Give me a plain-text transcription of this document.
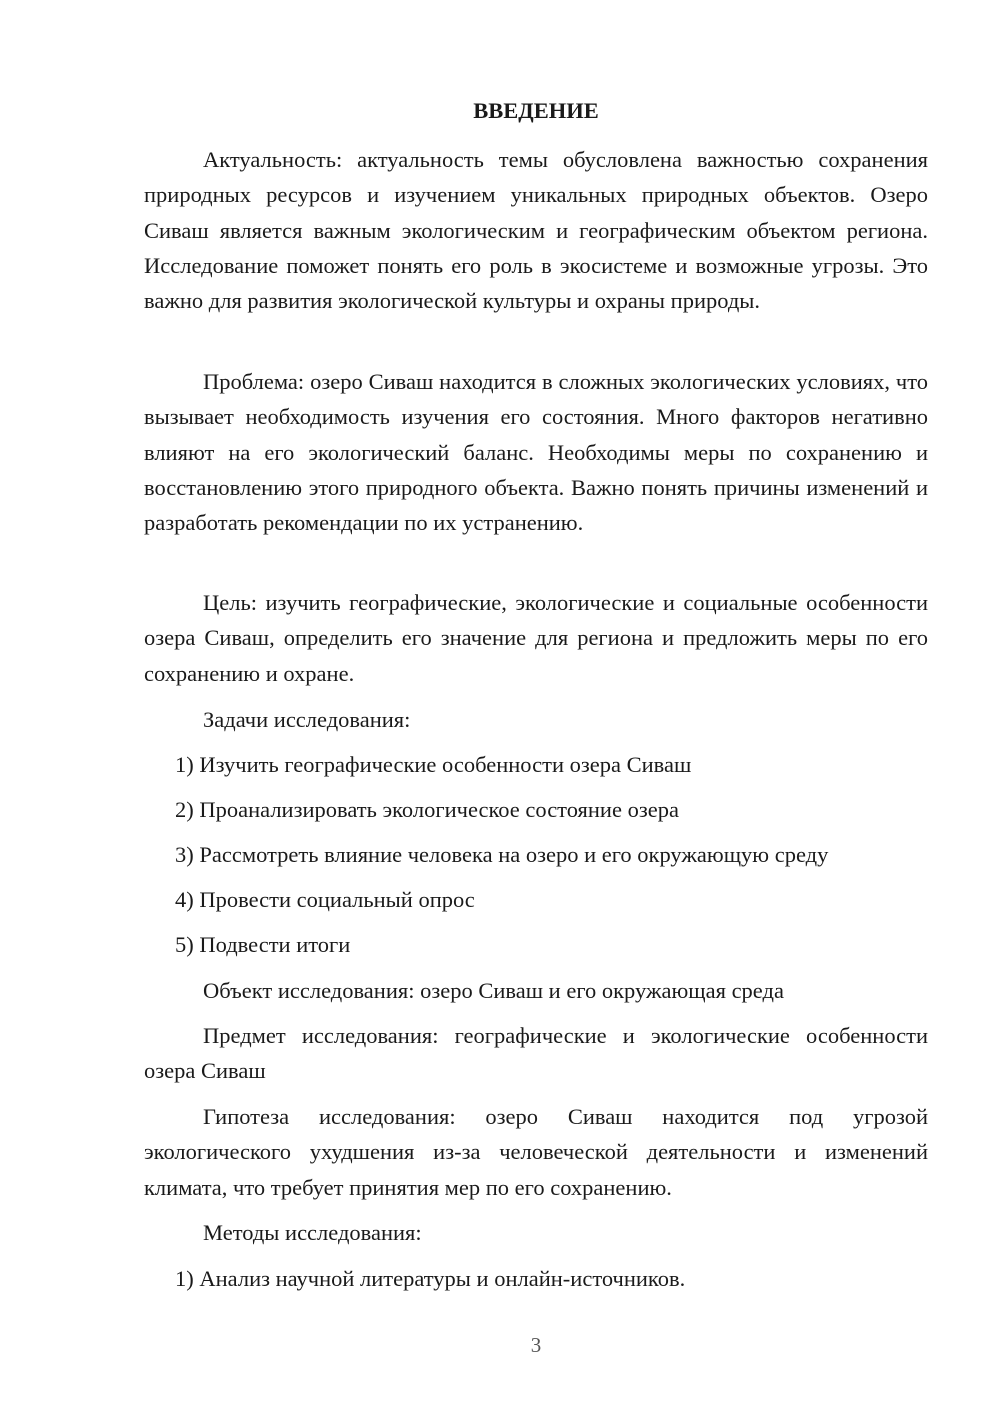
ВВЕДЕНИЕ

Актуальность: актуальность темы обусловлена важностью сохранения природных ресурсов и изучением уникальных природных объектов. Озеро Сиваш является важным экологическим и географическим объектом региона. Исследование поможет понять его роль в экосистеме и возможные угрозы. Это важно для развития экологической культуры и охраны природы.

Проблема: озеро Сиваш находится в сложных экологических условиях, что вызывает необходимость изучения его состояния. Много факторов негативно влияют на его экологический баланс. Необходимы меры по сохранению и восстановлению этого природного объекта. Важно понять причины изменений и разработать рекомендации по их устранению.

Цель: изучить географические, экологические и социальные особенности озера Сиваш, определить его значение для региона и предложить меры по его сохранению и охране.

Задачи исследования:

1) Изучить географические особенности озера Сиваш

2) Проанализировать экологическое состояние озера

3) Рассмотреть влияние человека на озеро и его окружающую среду

4) Провести социальный опрос

5) Подвести итоги

Объект исследования: озеро Сиваш и его окружающая среда

Предмет исследования: географические и экологические особенности озера Сиваш

Гипотеза исследования: озеро Сиваш находится под угрозой экологического ухудшения из-за человеческой деятельности и изменений климата, что требует принятия мер по его сохранению.

Методы исследования:

1) Анализ научной литературы и онлайн-источников.

3
